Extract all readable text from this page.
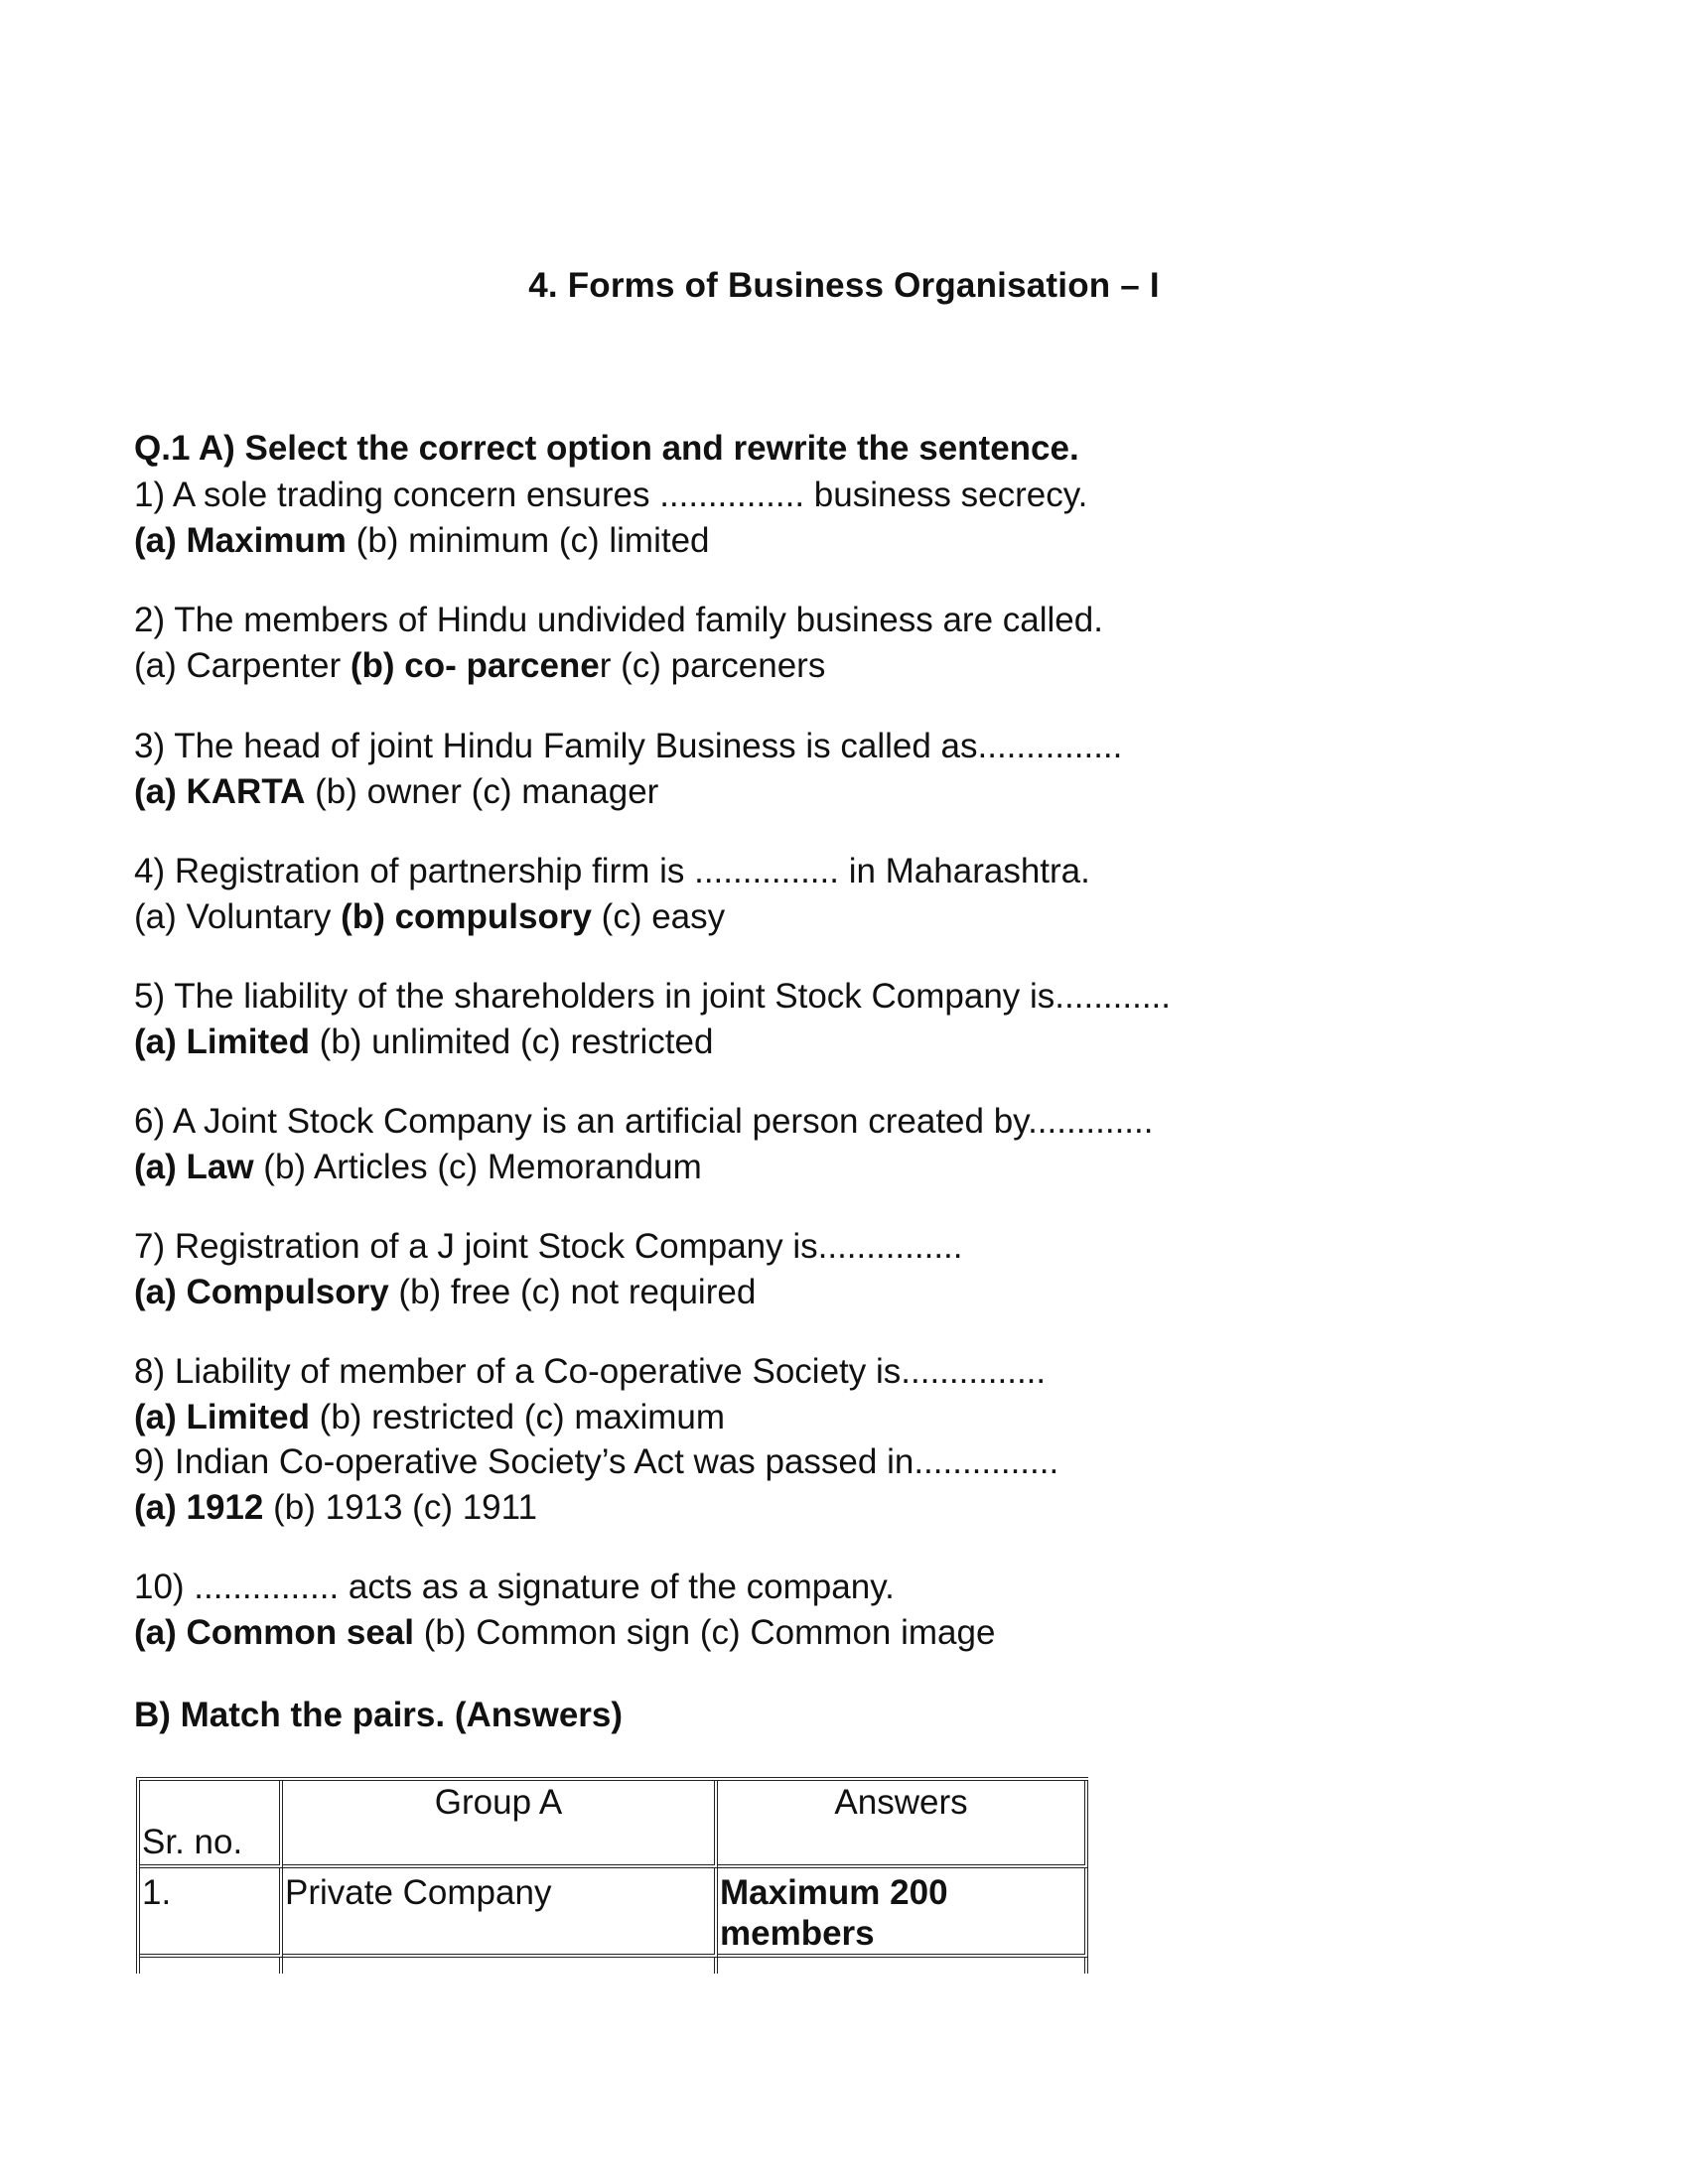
4. Forms of Business Organisation – I
Q.1 A) Select the correct option and rewrite the sentence.
1) A sole trading concern ensures ............... business secrecy.
(a) Maximum (b) minimum (c) limited
2) The members of Hindu undivided family business are called.
(a) Carpenter (b) co- parcener (c) parceners
3) The head of joint Hindu Family Business is called as...............
(a) KARTA (b) owner (c) manager
4) Registration of partnership firm is ............... in Maharashtra.
(a) Voluntary (b) compulsory (c) easy
5) The liability of the shareholders in joint Stock Company is............
(a) Limited (b) unlimited (c) restricted
6) A Joint Stock Company is an artificial person created by.............
(a) Law (b) Articles (c) Memorandum
7) Registration of a J joint Stock Company is...............
(a) Compulsory (b) free (c) not required
8) Liability of member of a Co-operative Society is...............
(a) Limited (b) restricted (c) maximum
9) Indian Co-operative Society’s Act was passed in...............
(a) 1912 (b) 1913 (c) 1911
10) ............... acts as a signature of the company.
(a) Common seal (b) Common sign (c) Common image
B) Match the pairs. (Answers)
Sr. no.	Group A	Answers
1.	Private Company	Maximum 200 members
